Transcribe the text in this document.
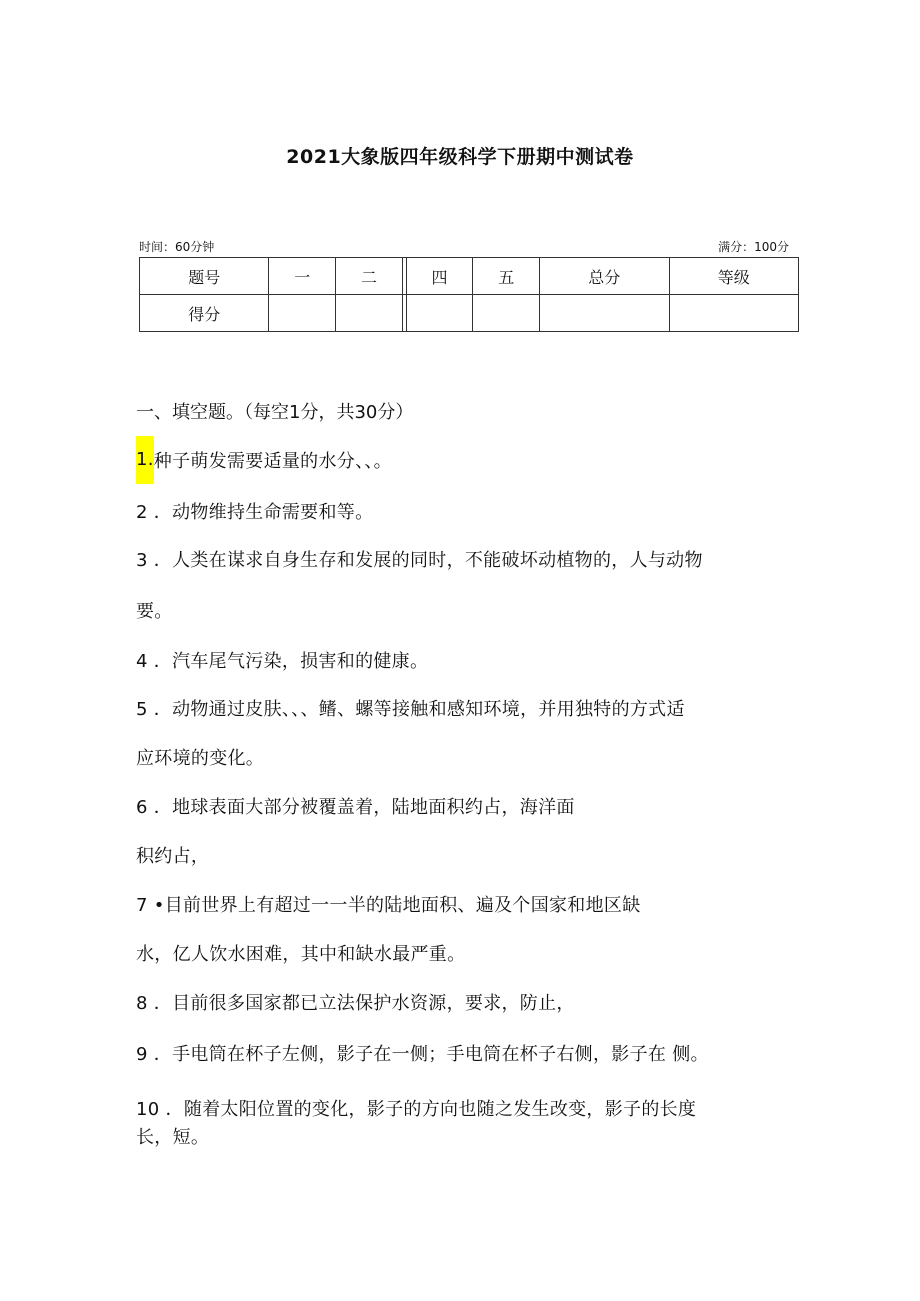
2021大象版四年级科学下册期中测试卷
时间：60分钟	满分：100分
题号	一	二		四	五	总分	等级
得分							
一、填空题。（每空1分，共30分）
1.种子萌发需要适量的水分、、。
2 ．动物维持生命需要和等。
3 ．人类在谋求自身生存和发展的同时，不能破坏动植物的，人与动物
要。
4 ．汽车尾气污染，损害和的健康。
5 ．动物通过皮肤、、、鳍、螺等接触和感知环境，并用独特的方式适
应环境的变化。
6 ．地球表面大部分被覆盖着，陆地面积约占，海洋面
积约占，
7 •目前世界上有超过一一半的陆地面积、遍及个国家和地区缺
水，亿人饮水困难，其中和缺水最严重。
8 ．目前很多国家都已立法保护水资源，要求，防止，
9 ．手电筒在杯子左侧，影子在一侧；手电筒在杯子右侧，影子在 侧。
10 ．随着太阳位置的变化，影子的方向也随之发生改变，影子的长度
长，短。
